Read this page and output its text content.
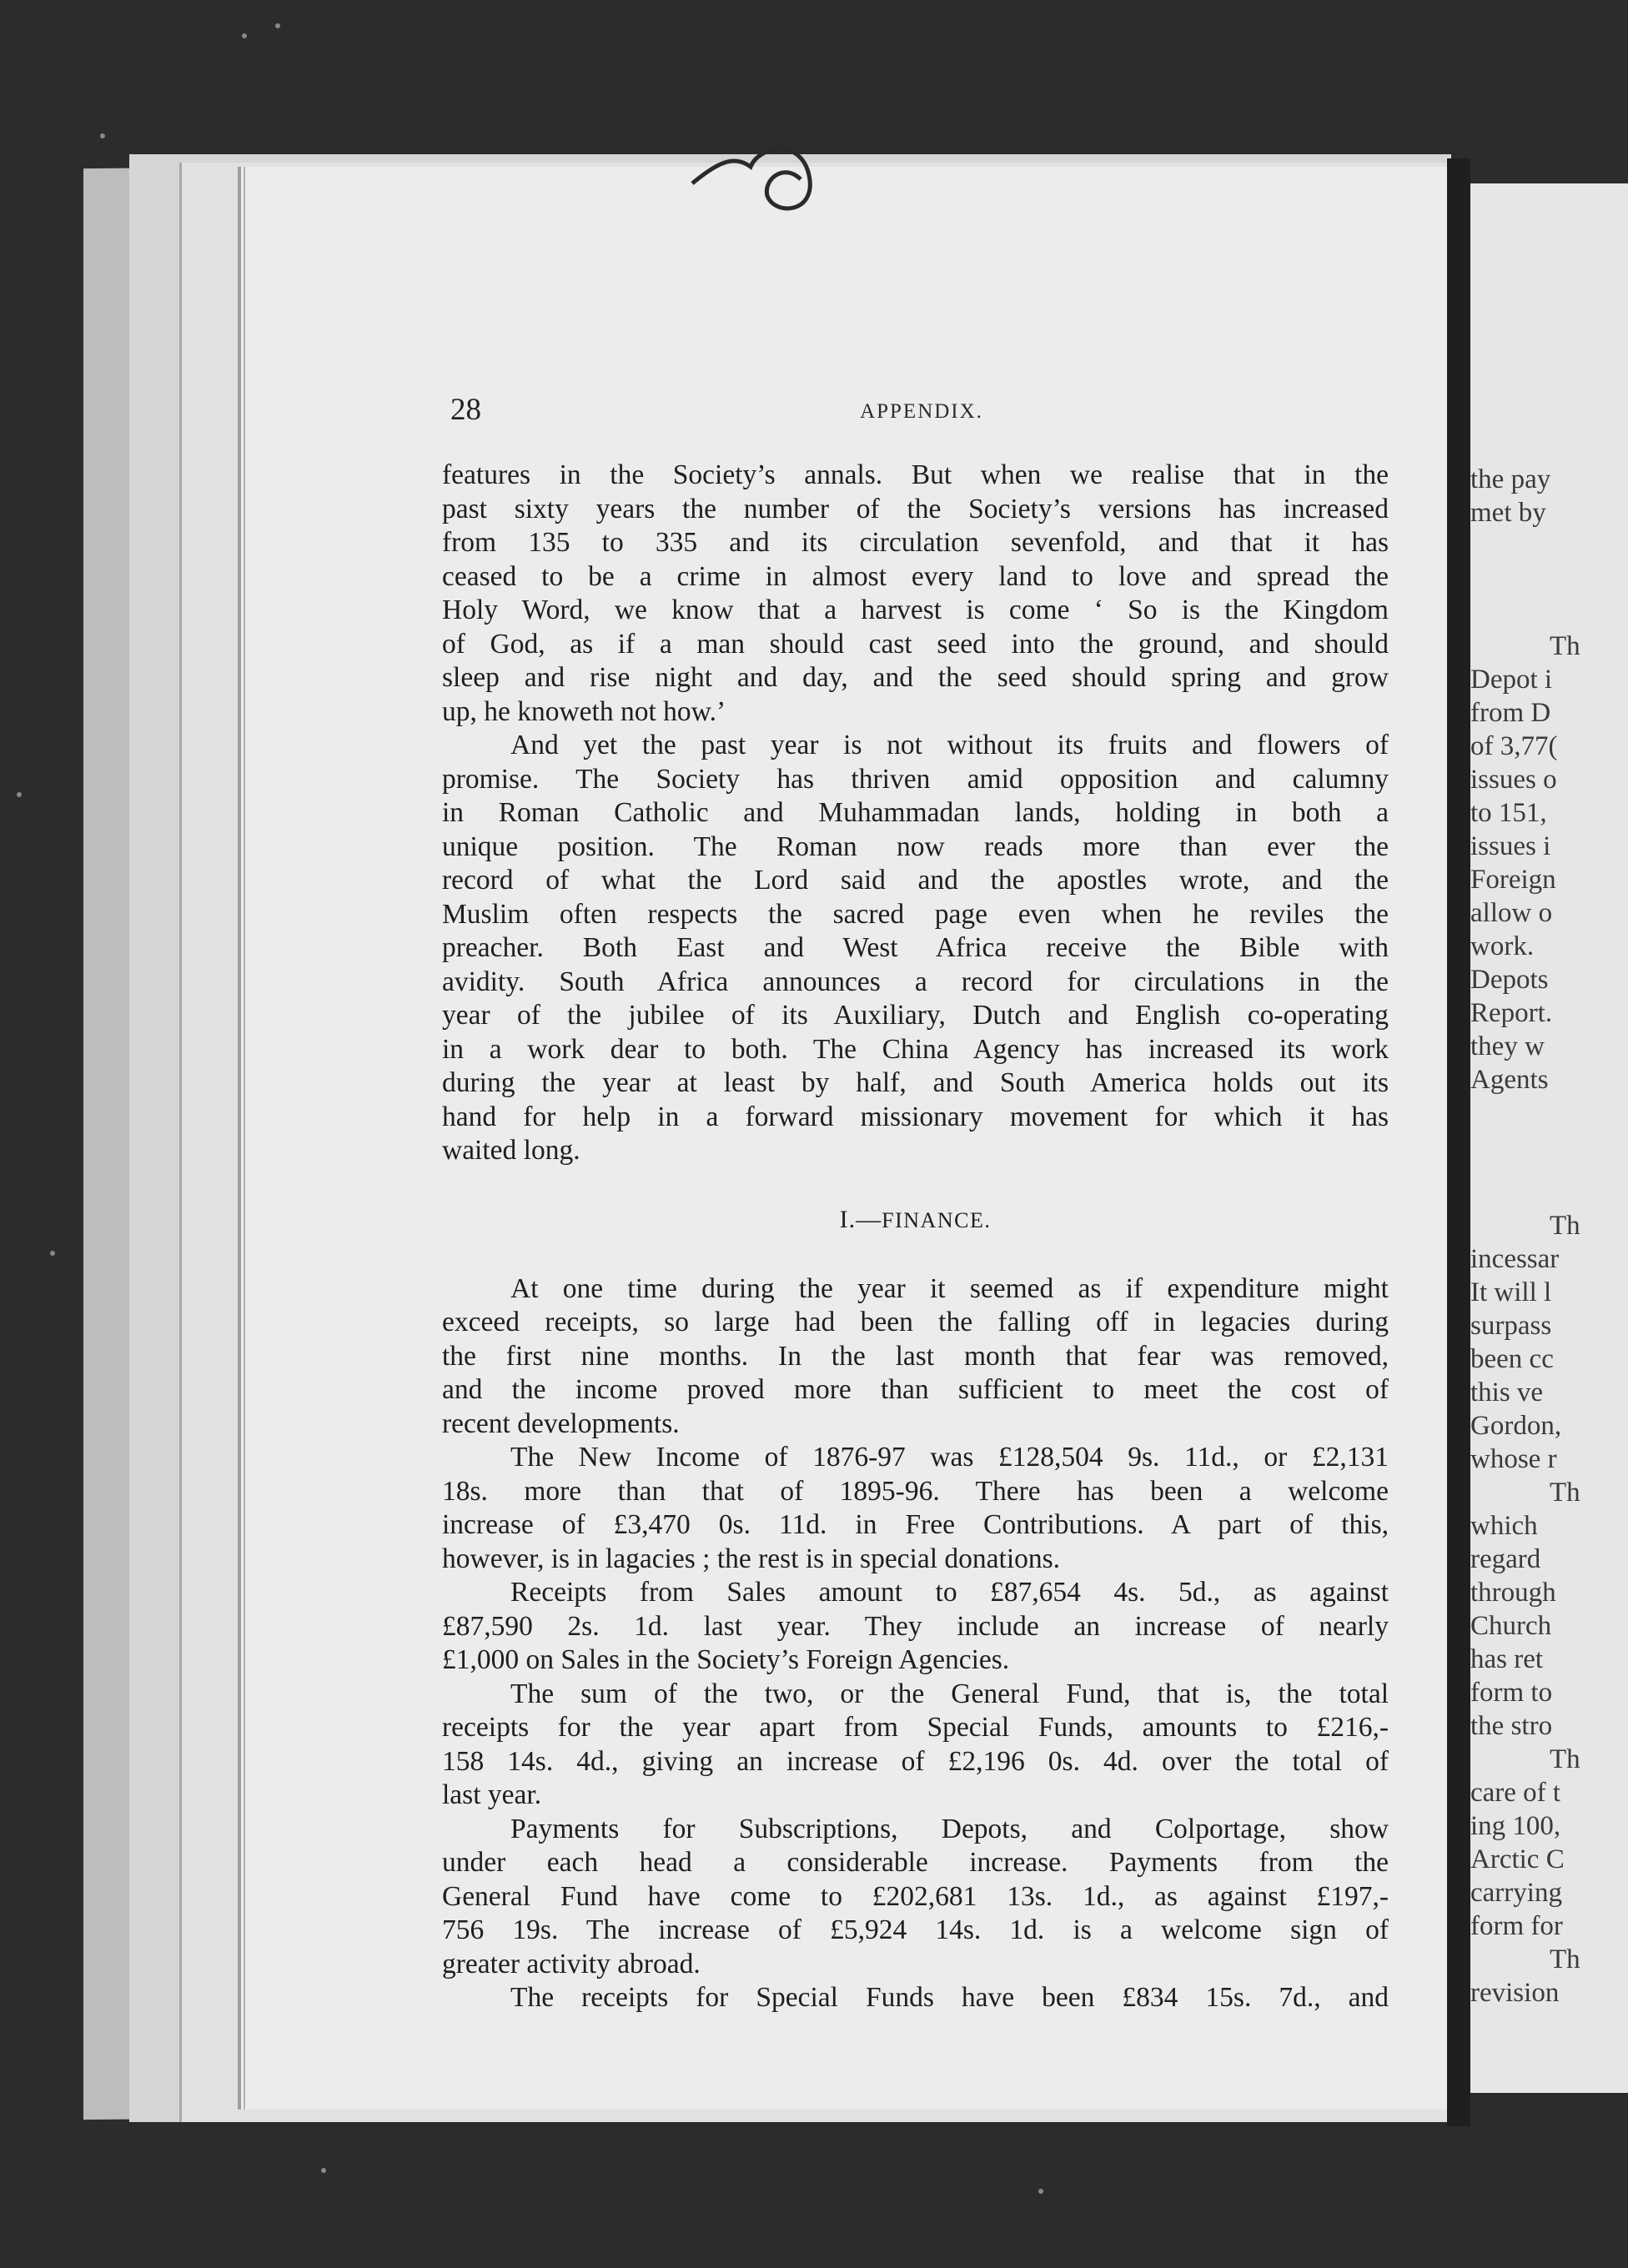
28	APPENDIX.
features in the Society’s annals. But when we realise that in the
past sixty years the number of the Society’s versions has increased
from 135 to 335 and its circulation sevenfold, and that it has
ceased to be a crime in almost every land to love and spread the
Holy Word, we know that a harvest is come ‘ So is the Kingdom
of God, as if a man should cast seed into the ground, and should
sleep and rise night and day, and the seed should spring and grow
up, he knoweth not how.’
And yet the past year is not without its fruits and flowers of
promise. The Society has thriven amid opposition and calumny
in Roman Catholic and Muhammadan lands, holding in both a
unique position. The Roman now reads more than ever the
record of what the Lord said and the apostles wrote, and the
Muslim often respects the sacred page even when he reviles the
preacher. Both East and West Africa receive the Bible with
avidity. South Africa announces a record for circulations in the
year of the jubilee of its Auxiliary, Dutch and English co-operating
in a work dear to both. The China Agency has increased its work
during the year at least by half, and South America holds out its
hand for help in a forward missionary movement for which it has
waited long.
I.—FINANCE.
At one time during the year it seemed as if expenditure might
exceed receipts, so large had been the falling off in legacies during
the first nine months. In the last month that fear was removed,
and the income proved more than sufficient to meet the cost of
recent developments.
The New Income of 1876-97 was £128,504 9s. 11d., or £2,131
18s. more than that of 1895-96. There has been a welcome
increase of £3,470 0s. 11d. in Free Contributions. A part of this,
however, is in lagacies ; the rest is in special donations.
Receipts from Sales amount to £87,654 4s. 5d., as against
£87,590 2s. 1d. last year. They include an increase of nearly
£1,000 on Sales in the Society’s Foreign Agencies.
The sum of the two, or the General Fund, that is, the total
receipts for the year apart from Special Funds, amounts to £216,-
158 14s. 4d., giving an increase of £2,196 0s. 4d. over the total of
last year.
Payments for Subscriptions, Depots, and Colportage, show
under each head a considerable increase. Payments from the
General Fund have come to £202,681 13s. 1d., as against £197,-
756 19s. The increase of £5,924 14s. 1d. is a welcome sign of
greater activity abroad.
The receipts for Special Funds have been £834 15s. 7d., and
the pay
met by
Th
Depot i
from D
of 3,77(
issues o
to 151,
issues i
Foreign
allow o
work.
Depots
Report.
they w
Agents
Th
incessar
It will l
surpass
been cc
this ve
Gordon,
whose r
Th
which
regard
through
Church
has ret
form to
the stro
Th
care of t
ing 100,
Arctic C
carrying
form for
Th
revision
